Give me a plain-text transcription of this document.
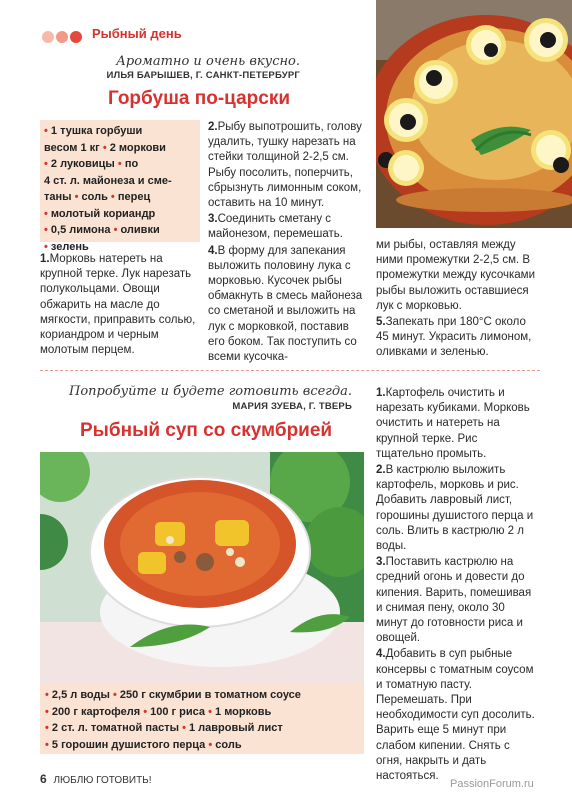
Рыбный день
Ароматно и очень вкусно.
ИЛЬЯ БАРЫШЕВ, Г. САНКТ-ПЕТЕРБУРГ
Горбуша по-царски
• 1 тушка горбуши
весом 1 кг • 2 моркови
• 2 луковицы • по
4 ст. л. майонеза и сме-
таны • соль • перец
• молотый кориандр
• 0,5 лимона • оливки
• зелень

1.Морковь натереть на крупной терке. Лук нарезать полукольцами. Овощи обжарить на масле до мягкости, приправить солью, кориандром и черным молотым перцем.

2.Рыбу выпотрошить, голову удалить, тушку нарезать на стейки толщиной 2-2,5 см. Рыбу посолить, поперчить, сбрызнуть лимонным соком, оставить на 10 минут.

3.Соединить сметану с майонезом, перемешать.

4.В форму для запекания выложить половину лука с морковью. Кусочек рыбы обмакнуть в смесь майонеза со сметаной и выложить на лук с морковкой, поставив его боком. Так поступить со всеми кусочка-

ми рыбы, оставляя между ними промежутки 2-2,5 см. В промежутки между кусочками рыбы выложить оставшиеся лук с морковью.

5.Запекать при 180°С около 45 минут. Украсить лимоном, оливками и зеленью.

Попробуйте и будете готовить всегда.
МАРИЯ ЗУЕВА, Г. ТВЕРЬ
Рыбный суп со скумбрией
• 2,5 л воды • 250 г скумбрии в томатном соусе
• 200 г картофеля • 100 г риса • 1 морковь
• 2 ст. л. томатной пасты • 1 лавровый лист
• 5 горошин душистого перца • соль

1.Картофель очистить и нарезать кубиками. Морковь очистить и натереть на крупной терке. Рис тщательно промыть.

2.В кастрюлю выложить картофель, морковь и рис. Добавить лавровый лист, горошины душистого перца и соль. Влить в кастрюлю 2 л воды.

3.Поставить кастрюлю на средний огонь и довести до кипения. Варить, помешивая и снимая пену, около 30 минут до готовности риса и овощей.

4.Добавить в суп рыбные консервы с томатным соусом и томатную пасту. Перемешать. При необходимости суп досолить. Варить еще 5 минут при слабом кипении. Снять с огня, накрыть и дать настояться.

6 ЛЮБЛЮ ГОТОВИТЬ!	PassionForum.ru
